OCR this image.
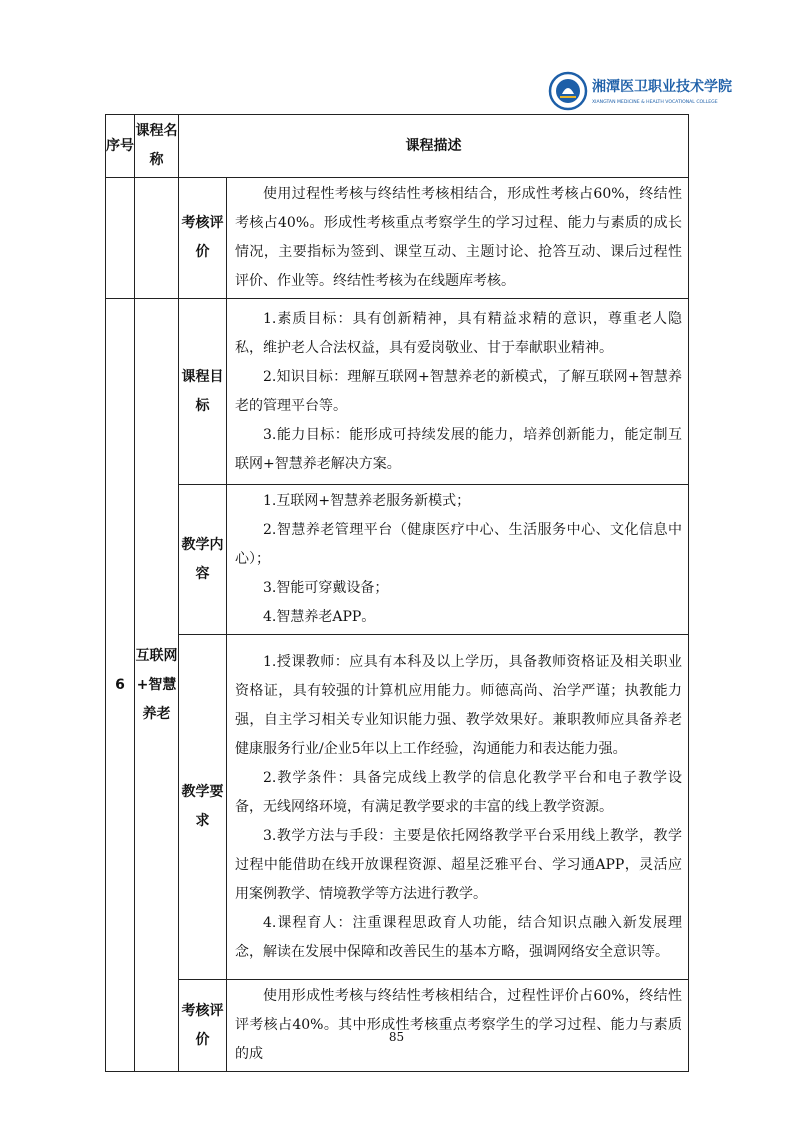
湘潭医卫职业技术学院
XIANGTAN MEDICINE & HEALTH VOCATIONAL COLLEGE
序号	课程名称	课程描述	
		考核评价	使用过程性考核与终结性考核相结合，形成性考核占60%，终结性考核占40%。形成性考核重点考察学生的学习过程、能力与素质的成长情况，主要指标为签到、课堂互动、主题讨论、抢答互动、课后过程性评价、作业等。终结性考核为在线题库考核。

6	互联网+智慧养老	课程目标	1.素质目标：具有创新精神，具有精益求精的意识，尊重老人隐私，维护老人合法权益，具有爱岗敬业、甘于奉献职业精神。

2.知识目标：理解互联网+智慧养老的新模式，了解互联网+智慧养老的管理平台等。

3.能力目标：能形成可持续发展的能力，培养创新能力，能定制互联网+智慧养老解决方案。

		教学内容	1.互联网+智慧养老服务新模式；

2.智慧养老管理平台（健康医疗中心、生活服务中心、文化信息中心）；

3.智能可穿戴设备；

4.智慧养老APP。

		教学要求	1.授课教师：应具有本科及以上学历，具备教师资格证及相关职业资格证，具有较强的计算机应用能力。师德高尚、治学严谨；执教能力强，自主学习相关专业知识能力强、教学效果好。兼职教师应具备养老健康服务行业/企业5年以上工作经验，沟通能力和表达能力强。

2.教学条件：具备完成线上教学的信息化教学平台和电子教学设备，无线网络环境，有满足教学要求的丰富的线上教学资源。

3.教学方法与手段：主要是依托网络教学平台采用线上教学，教学过程中能借助在线开放课程资源、超星泛雅平台、学习通APP，灵活应用案例教学、情境教学等方法进行教学。

4.课程育人：注重课程思政育人功能，结合知识点融入新发展理念，解读在发展中保障和改善民生的基本方略，强调网络安全意识等。

		考核评价	使用形成性考核与终结性考核相结合，过程性评价占60%，终结性评考核占40%。其中形成性考核重点考察学生的学习过程、能力与素质的成

85
